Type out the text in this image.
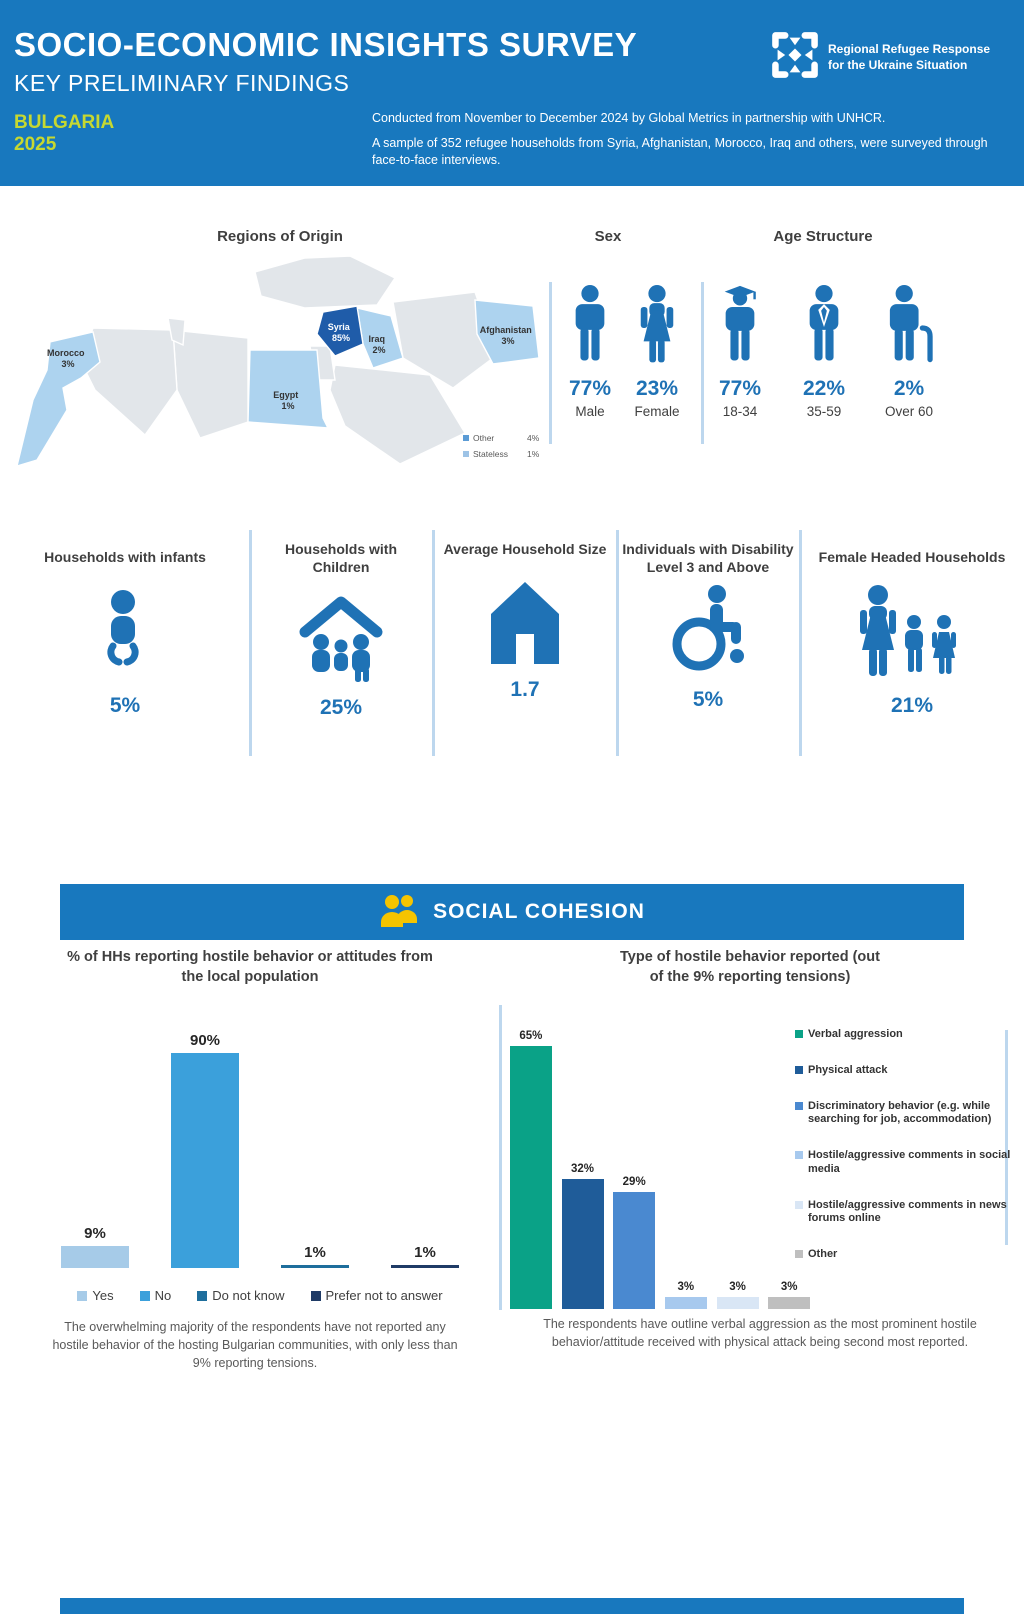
SOCIO-ECONOMIC INSIGHTS SURVEY
KEY PRELIMINARY FINDINGS
BULGARIA
2025

Conducted from November to December 2024 by Global Metrics in partnership with UNHCR.

A sample of 352 refugee households from Syria, Afghanistan, Morocco, Iraq and others, were surveyed through face-to-face interviews.

Regional Refugee Response
for the Ukraine Situation
Regions of Origin	Sex	Age Structure
Morocco 3%
Egypt 1%
Syria 85%	Iraq 2%
Afghanistan 3%
Other	4%
Stateless 1%
77%
Male
23%
Female
77%
18-34
22%
35-59
2%
Over 60
Households with infants
5%
Households with Children
25%
Average Household Size
1.7
Individuals with Disability Level 3 and Above
5%
Female Headed Households
21%
SOCIAL COHESION
% of HHs reporting hostile behavior or attitudes from the local population
9%
90%
1%	1%
Yes	No	Do not know	Prefer not to answer
The overwhelming majority of the respondents have not reported any hostile behavior of the hosting Bulgarian communities, with only less than 9% reporting tensions.
Type of hostile behavior reported (out of the 9% reporting tensions)
65%
32%
29%
3%	3%	3%
Verbal aggression
Physical attack
Discriminatory behavior (e.g. while searching for job, accommodation)
Hostile/aggressive comments in social media
Hostile/aggressive comments in news forums online
Other
The respondents have outline verbal aggression as the most prominent hostile behavior/attitude received with physical attack being second most reported.
